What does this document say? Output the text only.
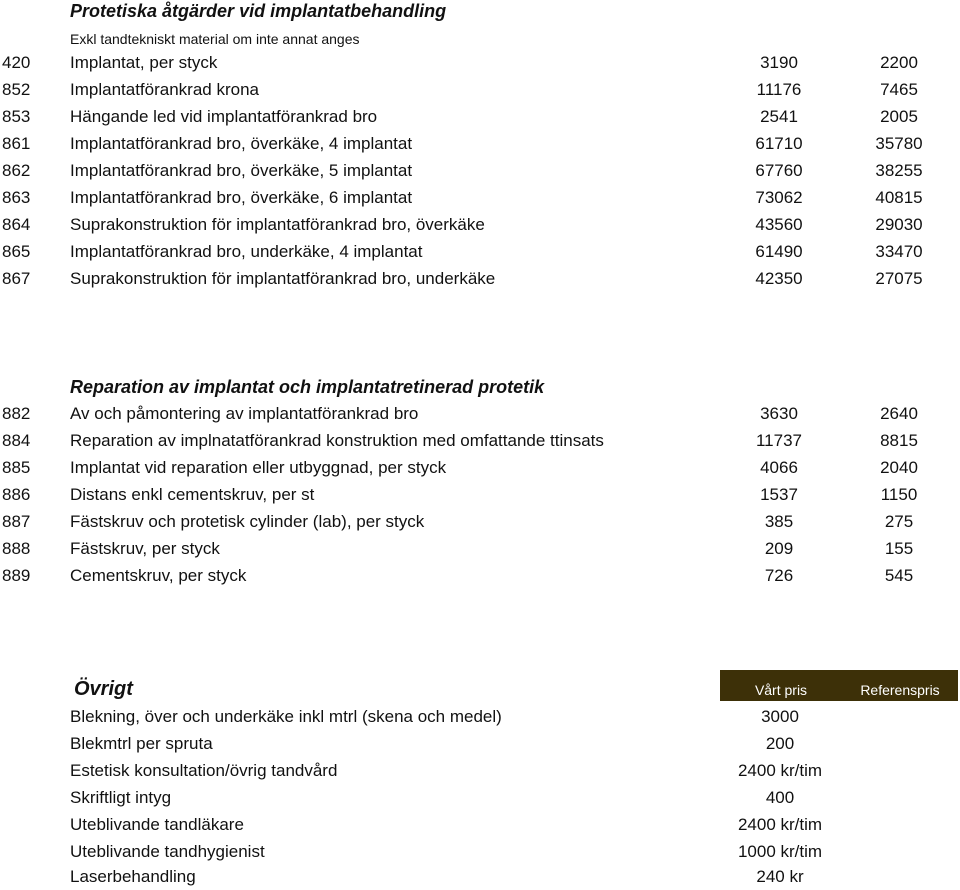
Protetiska åtgärder vid implantatbehandling
Exkl tandtekniskt material om inte annat anges
420 Implantat, per styck	3190	2200
852 Implantatförankrad krona	11176	7465
853 Hängande led vid implantatförankrad bro	2541	2005
861 Implantatförankrad bro, överkäke, 4 implantat	61710	35780
862 Implantatförankrad bro, överkäke, 5 implantat	67760	38255
863 Implantatförankrad bro, överkäke, 6 implantat	73062	40815
864 Suprakonstruktion för implantatförankrad bro, överkäke	43560	29030
865 Implantatförankrad bro, underkäke, 4 implantat	61490	33470
867 Suprakonstruktion för implantatförankrad bro, underkäke	42350	27075
Reparation av implantat och implantatretinerad protetik
882 Av och påmontering av implantatförankrad bro	3630	2640
884 Reparation av implnatatförankrad konstruktion med omfattande ttinsats	11737	8815
885 Implantat vid reparation eller utbyggnad, per styck	4066	2040
886 Distans enkl cementskruv, per st	1537	1150
887 Fästskruv och protetisk cylinder (lab), per styck	385	275
888 Fästskruv, per styck	209	155
889 Cementskruv, per styck	726	545
Övrigt	Vårt pris	Referenspris
Blekning, över och underkäke inkl mtrl (skena och medel)	3000
Blekmtrl per spruta	200
Estetisk konsultation/övrig tandvård	2400 kr/tim
Skriftligt intyg	400
Uteblivande tandläkare	2400 kr/tim
Uteblivande tandhygienist	1000 kr/tim
Laserbehandling	240 kr
